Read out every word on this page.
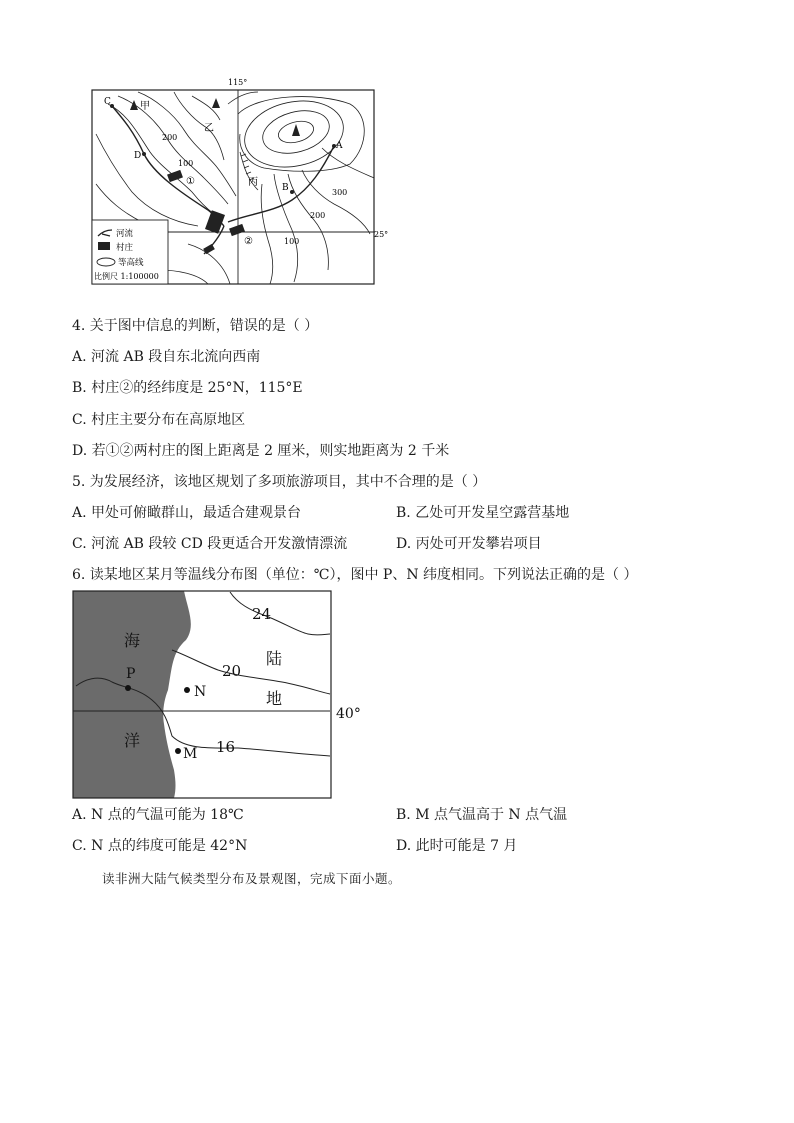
115°
25°
C
D
A
B
甲
乙
丙
①
②
200
100
300
200
100
河流
村庄
等高线
比例尺 1:100000
4. 关于图中信息的判断，错误的是（ ）
A. 河流 AB 段自东北流向西南
B. 村庄②的经纬度是 25°N，115°E
C. 村庄主要分布在高原地区
D. 若①②两村庄的图上距离是 2 厘米，则实地距离为 2 千米
5. 为发展经济，该地区规划了多项旅游项目，其中不合理的是（ ）
A. 甲处可俯瞰群山，最适合建观景台	B. 乙处可开发星空露营基地
C. 河流 AB 段较 CD 段更适合开发激情漂流	D. 丙处可开发攀岩项目
6. 读某地区某月等温线分布图（单位：℃），图中 P、N 纬度相同。下列说法正确的是（ ）
海
洋
陆
地
24
20
16
P
N
M
40°
A. N 点的气温可能为 18℃	B. M 点气温高于 N 点气温
C. N 点的纬度可能是 42°N	D. 此时可能是 7 月
读非洲大陆气候类型分布及景观图，完成下面小题。
